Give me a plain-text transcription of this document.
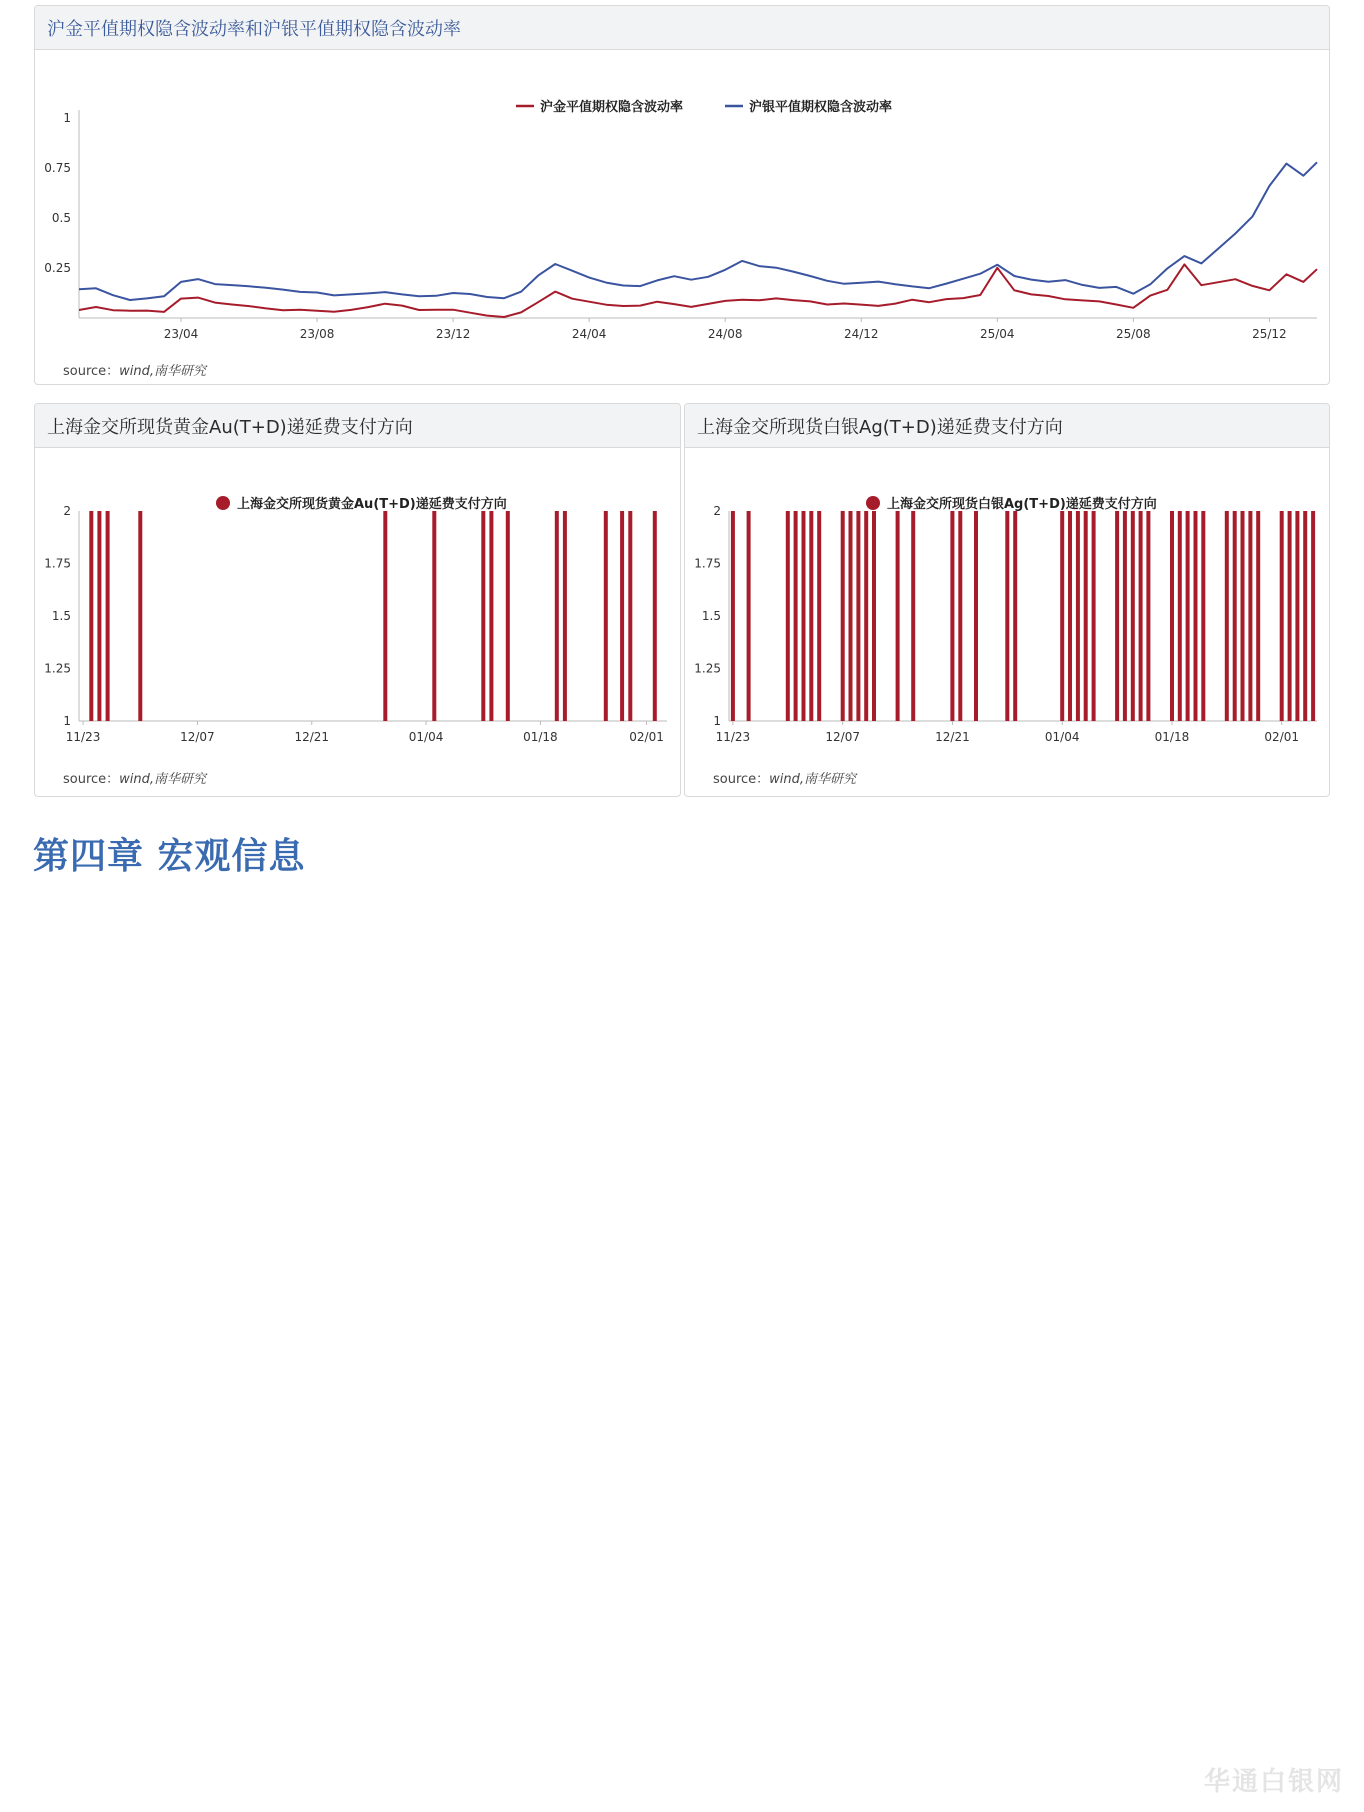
沪金平值期权隐含波动率和沪银平值期权隐含波动率
1
0.75
0.5
0.25
23/04	23/08	23/12	24/04	24/08	24/12	25/04	25/08	25/12
沪金平值期权隐含波动率	沪银平值期权隐含波动率
source：wind,南华研究
上海金交所现货黄金Au(T+D)递延费支付方向
2
1.75
1.5
1.25
1
11/23	12/07	12/21	01/04	01/18	02/01
上海金交所现货黄金Au(T+D)递延费支付方向
source：wind,南华研究
上海金交所现货白银Ag(T+D)递延费支付方向
2
1.75
1.5
1.25
1
11/23	12/07	12/21	01/04	01/18	02/01
上海金交所现货白银Ag(T+D)递延费支付方向
source：wind,南华研究
第四章 宏观信息
华通白银网
